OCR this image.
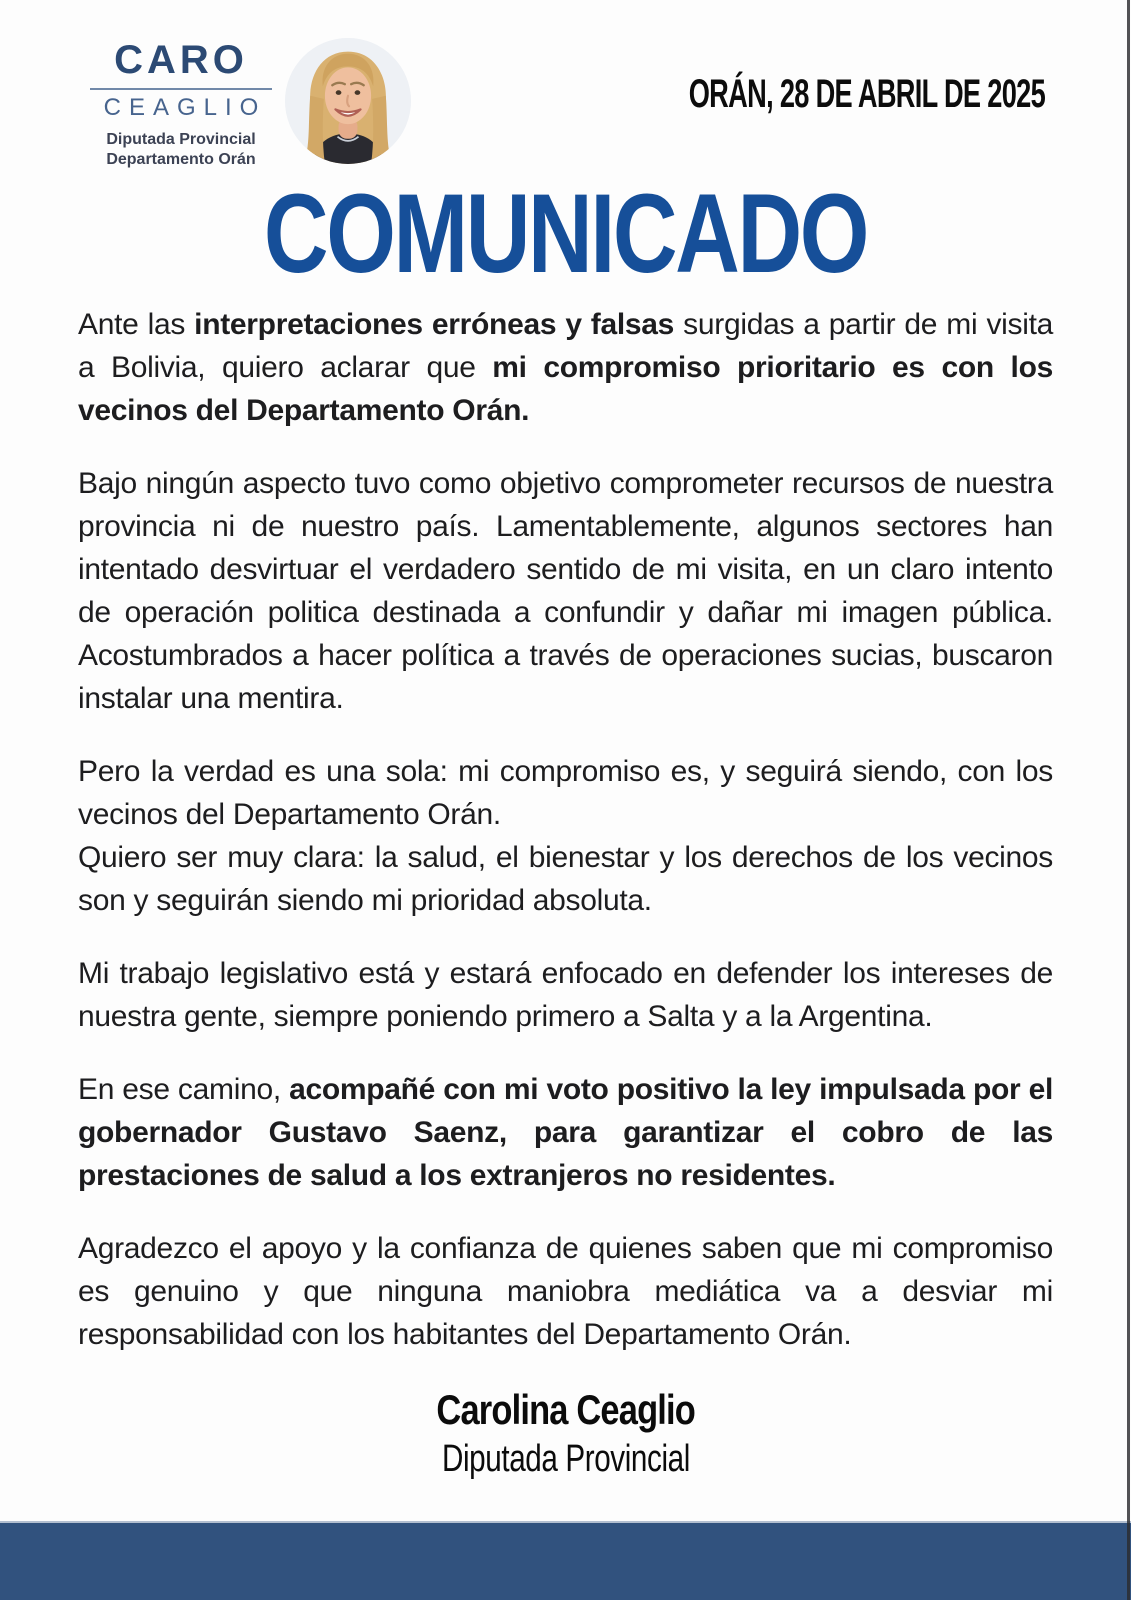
CARO
CEAGLIO
Diputada Provincial
Departamento Orán
ORÁN, 28 DE ABRIL DE 2025
COMUNICADO

Ante las interpretaciones erróneas y falsas surgidas a partir de mi visita a Bolivia, quiero aclarar que mi compromiso prioritario es con los vecinos del Departamento Orán.

Bajo ningún aspecto tuvo como objetivo comprometer recursos de nuestra provincia ni de nuestro país. Lamentablemente, algunos sectores han intentado desvirtuar el verdadero sentido de mi visita, en un claro intento de operación politica destinada a confundir y dañar mi imagen pública. Acostumbrados a hacer política a través de operaciones sucias, buscaron instalar una mentira.

Pero la verdad es una sola: mi compromiso es, y seguirá siendo, con los vecinos del Departamento Orán.
Quiero ser muy clara: la salud, el bienestar y los derechos de los vecinos son y seguirán siendo mi prioridad absoluta.

Mi trabajo legislativo está y estará enfocado en defender los intereses de nuestra gente, siempre poniendo primero a Salta y a la Argentina.

En ese camino, acompañé con mi voto positivo la ley impulsada por el gobernador Gustavo Saenz, para garantizar el cobro de las prestaciones de salud a los extranjeros no residentes.

Agradezco el apoyo y la confianza de quienes saben que mi compromiso es genuino y que ninguna maniobra mediática va a desviar mi responsabilidad con los habitantes del Departamento Orán.

Carolina Ceaglio
Diputada Provincial
